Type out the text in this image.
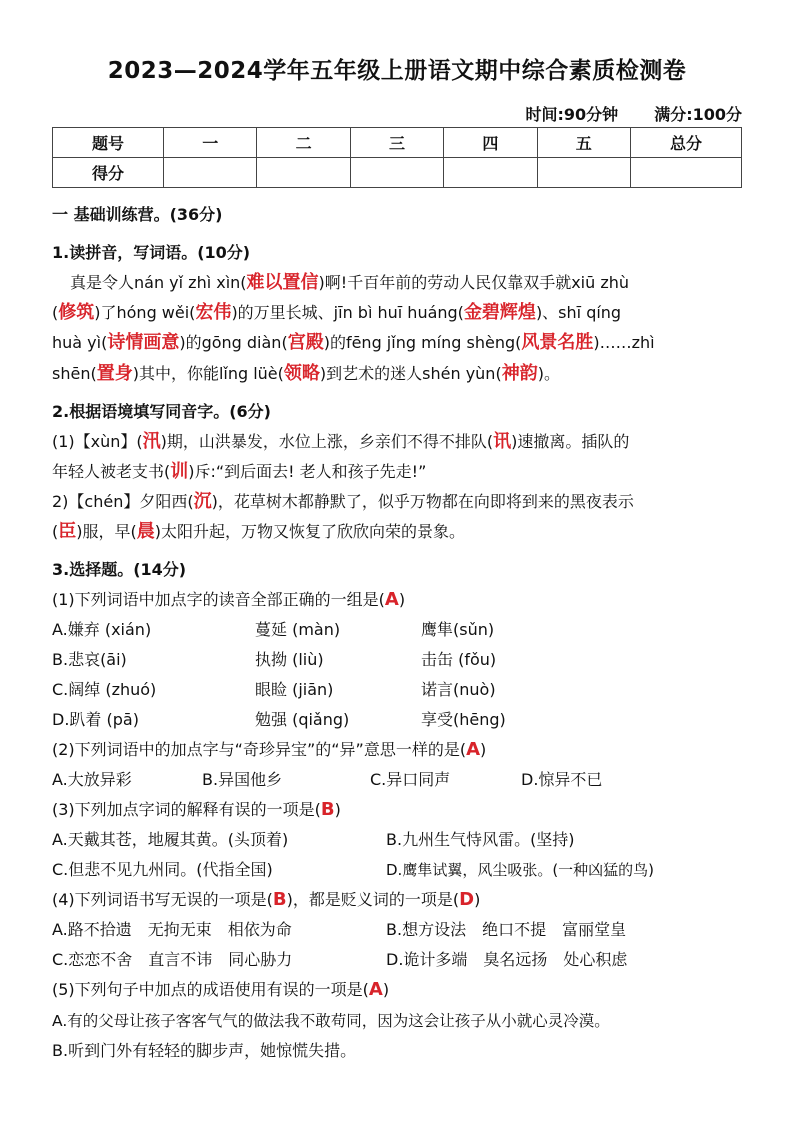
2023—2024学年五年级上册语文期中综合素质检测卷
时间:90分钟 满分:100分
题号	一	二	三	四	五	总分
得分						
一 基础训练营。(36分)
1.读拼音，写词语。(10分)
真是令人nán yǐ zhì xìn(难以置信)啊!千百年前的劳动人民仅靠双手就xiū zhù
(修筑)了hóng wěi(宏伟)的万里长城、jīn bì huī huáng(金碧辉煌)、shī qíng
huà yì(诗情画意)的gōng diàn(宫殿)的fēng jǐng míng shèng(风景名胜)……zhì
shēn(置身)其中，你能lǐng lüè(领略)到艺术的迷人shén yùn(神韵)。
2.根据语境填写同音字。(6分)
(1)【xùn】(汛)期，山洪暴发，水位上涨，乡亲们不得不排队(讯)速撤离。插队的
年轻人被老支书(训)斥:“到后面去! 老人和孩子先走!”
2)【chén】夕阳西(沉)，花草树木都静默了，似乎万物都在向即将到来的黑夜表示
(臣)服，早(晨)太阳升起，万物又恢复了欣欣向荣的景象。
3.选择题。(14分)
(1)下列词语中加点字的读音全部正确的一组是(A)
A.嫌弃 (xián)	蔓延 (màn)	鹰隼(sǔn)
B.悲哀(āi)	执拗 (liù)	击缶 (fǒu)
C.阔绰 (zhuó)	眼睑 (jiān)	诺言(nuò)
D.趴着 (pā)	勉强 (qiǎng)	享受(hēng)
(2)下列词语中的加点字与“奇珍异宝”的“异”意思一样的是(A)
A.大放异彩	B.异国他乡	C.异口同声	D.惊异不已
(3)下列加点字词的解释有误的一项是(B)
A.天戴其苍，地履其黄。(头顶着)	B.九州生气恃风雷。(坚持)
C.但悲不见九州同。(代指全国)	D.鹰隼试翼，风尘吸张。(一种凶猛的鸟)
(4)下列词语书写无误的一项是(B)，都是贬义词的一项是(D)
A.路不拾遗　无拘无束　相依为命	B.想方设法　绝口不提　富丽堂皇
C.恋恋不舍　直言不讳　同心胁力	D.诡计多端　臭名远扬　处心积虑
(5)下列句子中加点的成语使用有误的一项是(A)
A.有的父母让孩子客客气气的做法我不敢苟同，因为这会让孩子从小就心灵冷漠。
B.听到门外有轻轻的脚步声，她惊慌失措。
